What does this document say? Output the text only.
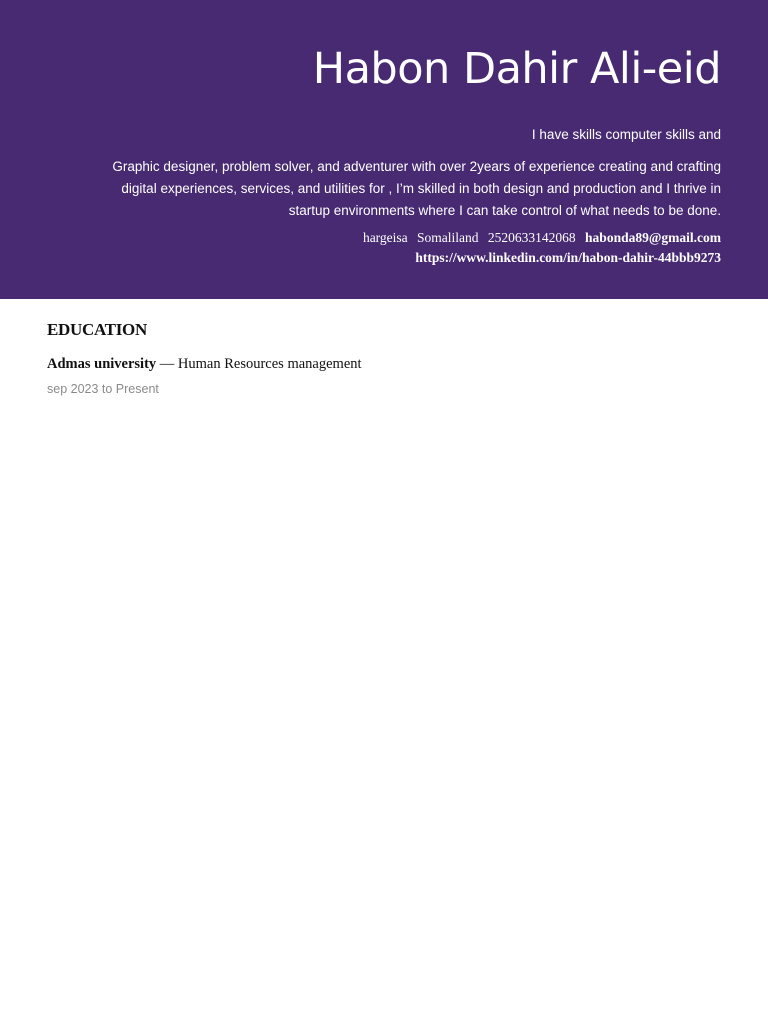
Habon Dahir Ali-eid
I have skills computer skills and

Graphic designer, problem solver, and adventurer with over 2years of experience creating and crafting digital experiences, services, and utilities for , I’m skilled in both design and production and I thrive in startup environments where I can take control of what needs to be done.

hargeisa Somaliland 2520633142068 habonda89@gmail.com
https://www.linkedin.com/in/habon-dahir-44bbb9273
EDUCATION
Admas university — Human Resources management
sep 2023 to Present
